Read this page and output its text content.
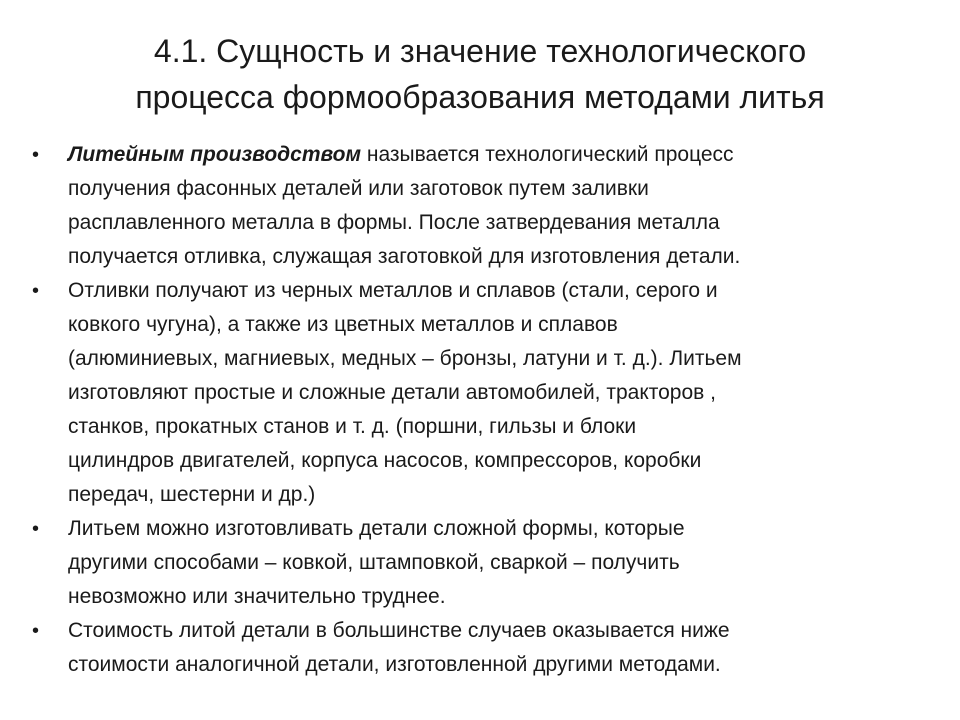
4.1. Сущность и значение технологического
процесса формообразования методами литья
• Литейным производством называется технологический процесс
получения фасонных деталей или заготовок путем заливки
расплавленного металла в формы. После затвердевания металла
получается отливка, служащая заготовкой для изготовления детали.
• Отливки получают из черных металлов и сплавов (стали, серого и
ковкого чугуна), а также из цветных металлов и сплавов
(алюминиевых, магниевых, медных – бронзы, латуни и т. д.). Литьем
изготовляют простые и сложные детали автомобилей, тракторов ,
станков, прокатных станов и т. д. (поршни, гильзы и блоки
цилиндров двигателей, корпуса насосов, компрессоров, коробки
передач, шестерни и др.)
• Литьем можно изготовливать детали сложной формы, которые
другими способами – ковкой, штамповкой, сваркой – получить
невозможно или значительно труднее.
• Стоимость литой детали в большинстве случаев оказывается ниже
стоимости аналогичной детали, изготовленной другими методами.
